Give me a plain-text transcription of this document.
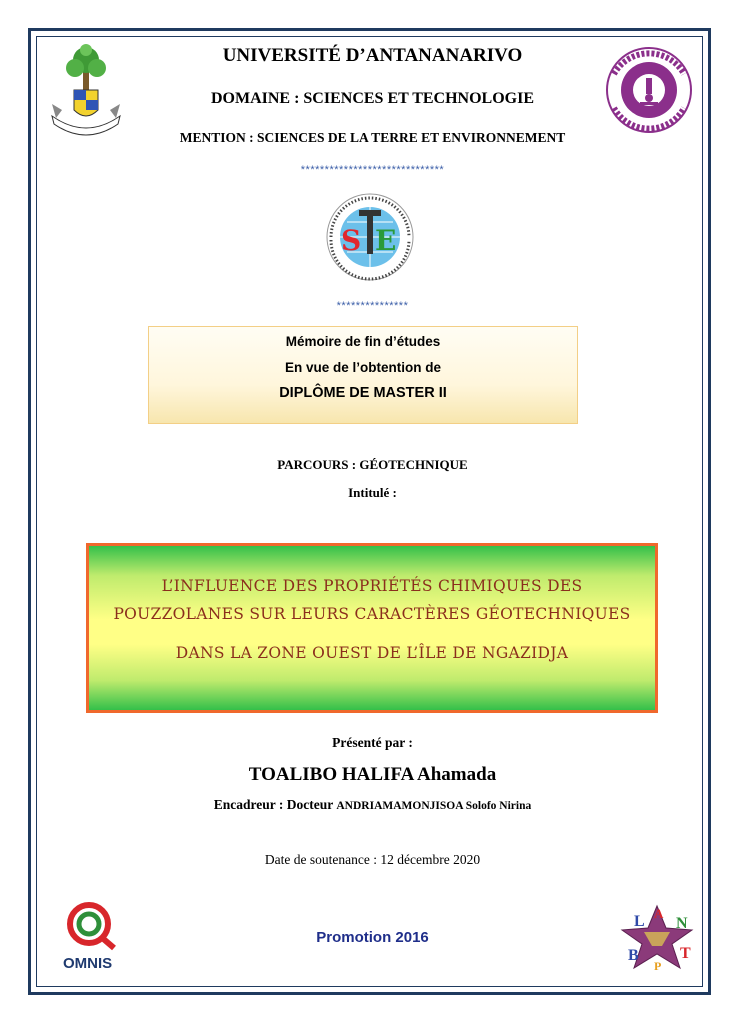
UNIVERSITÉ D’ANTANANARIVO
DOMAINE : SCIENCES ET TECHNOLOGIE
MENTION : SCIENCES DE LA TERRE ET ENVIRONNEMENT
******************************
S E
***************
Mémoire de fin d’études
En vue de l’obtention de
DIPLÔME DE MASTER II
PARCOURS : GÉOTECHNIQUE
Intitulé :
L’INFLUENCE DES PROPRIÉTÉS CHIMIQUES DES
POUZZOLANES SUR LEURS CARACTÈRES GÉOTECHNIQUES
DANS LA ZONE OUEST DE L’ÎLE DE NGAZIDJA
Présenté par :
TOALIBO HALIFA Ahamada
Encadreur : Docteur ANDRIAMAMONJISOA Solofo Nirina
Date de soutenance : 12 décembre 2020
Promotion 2016
OMNIS
L A
N
B
P
T
